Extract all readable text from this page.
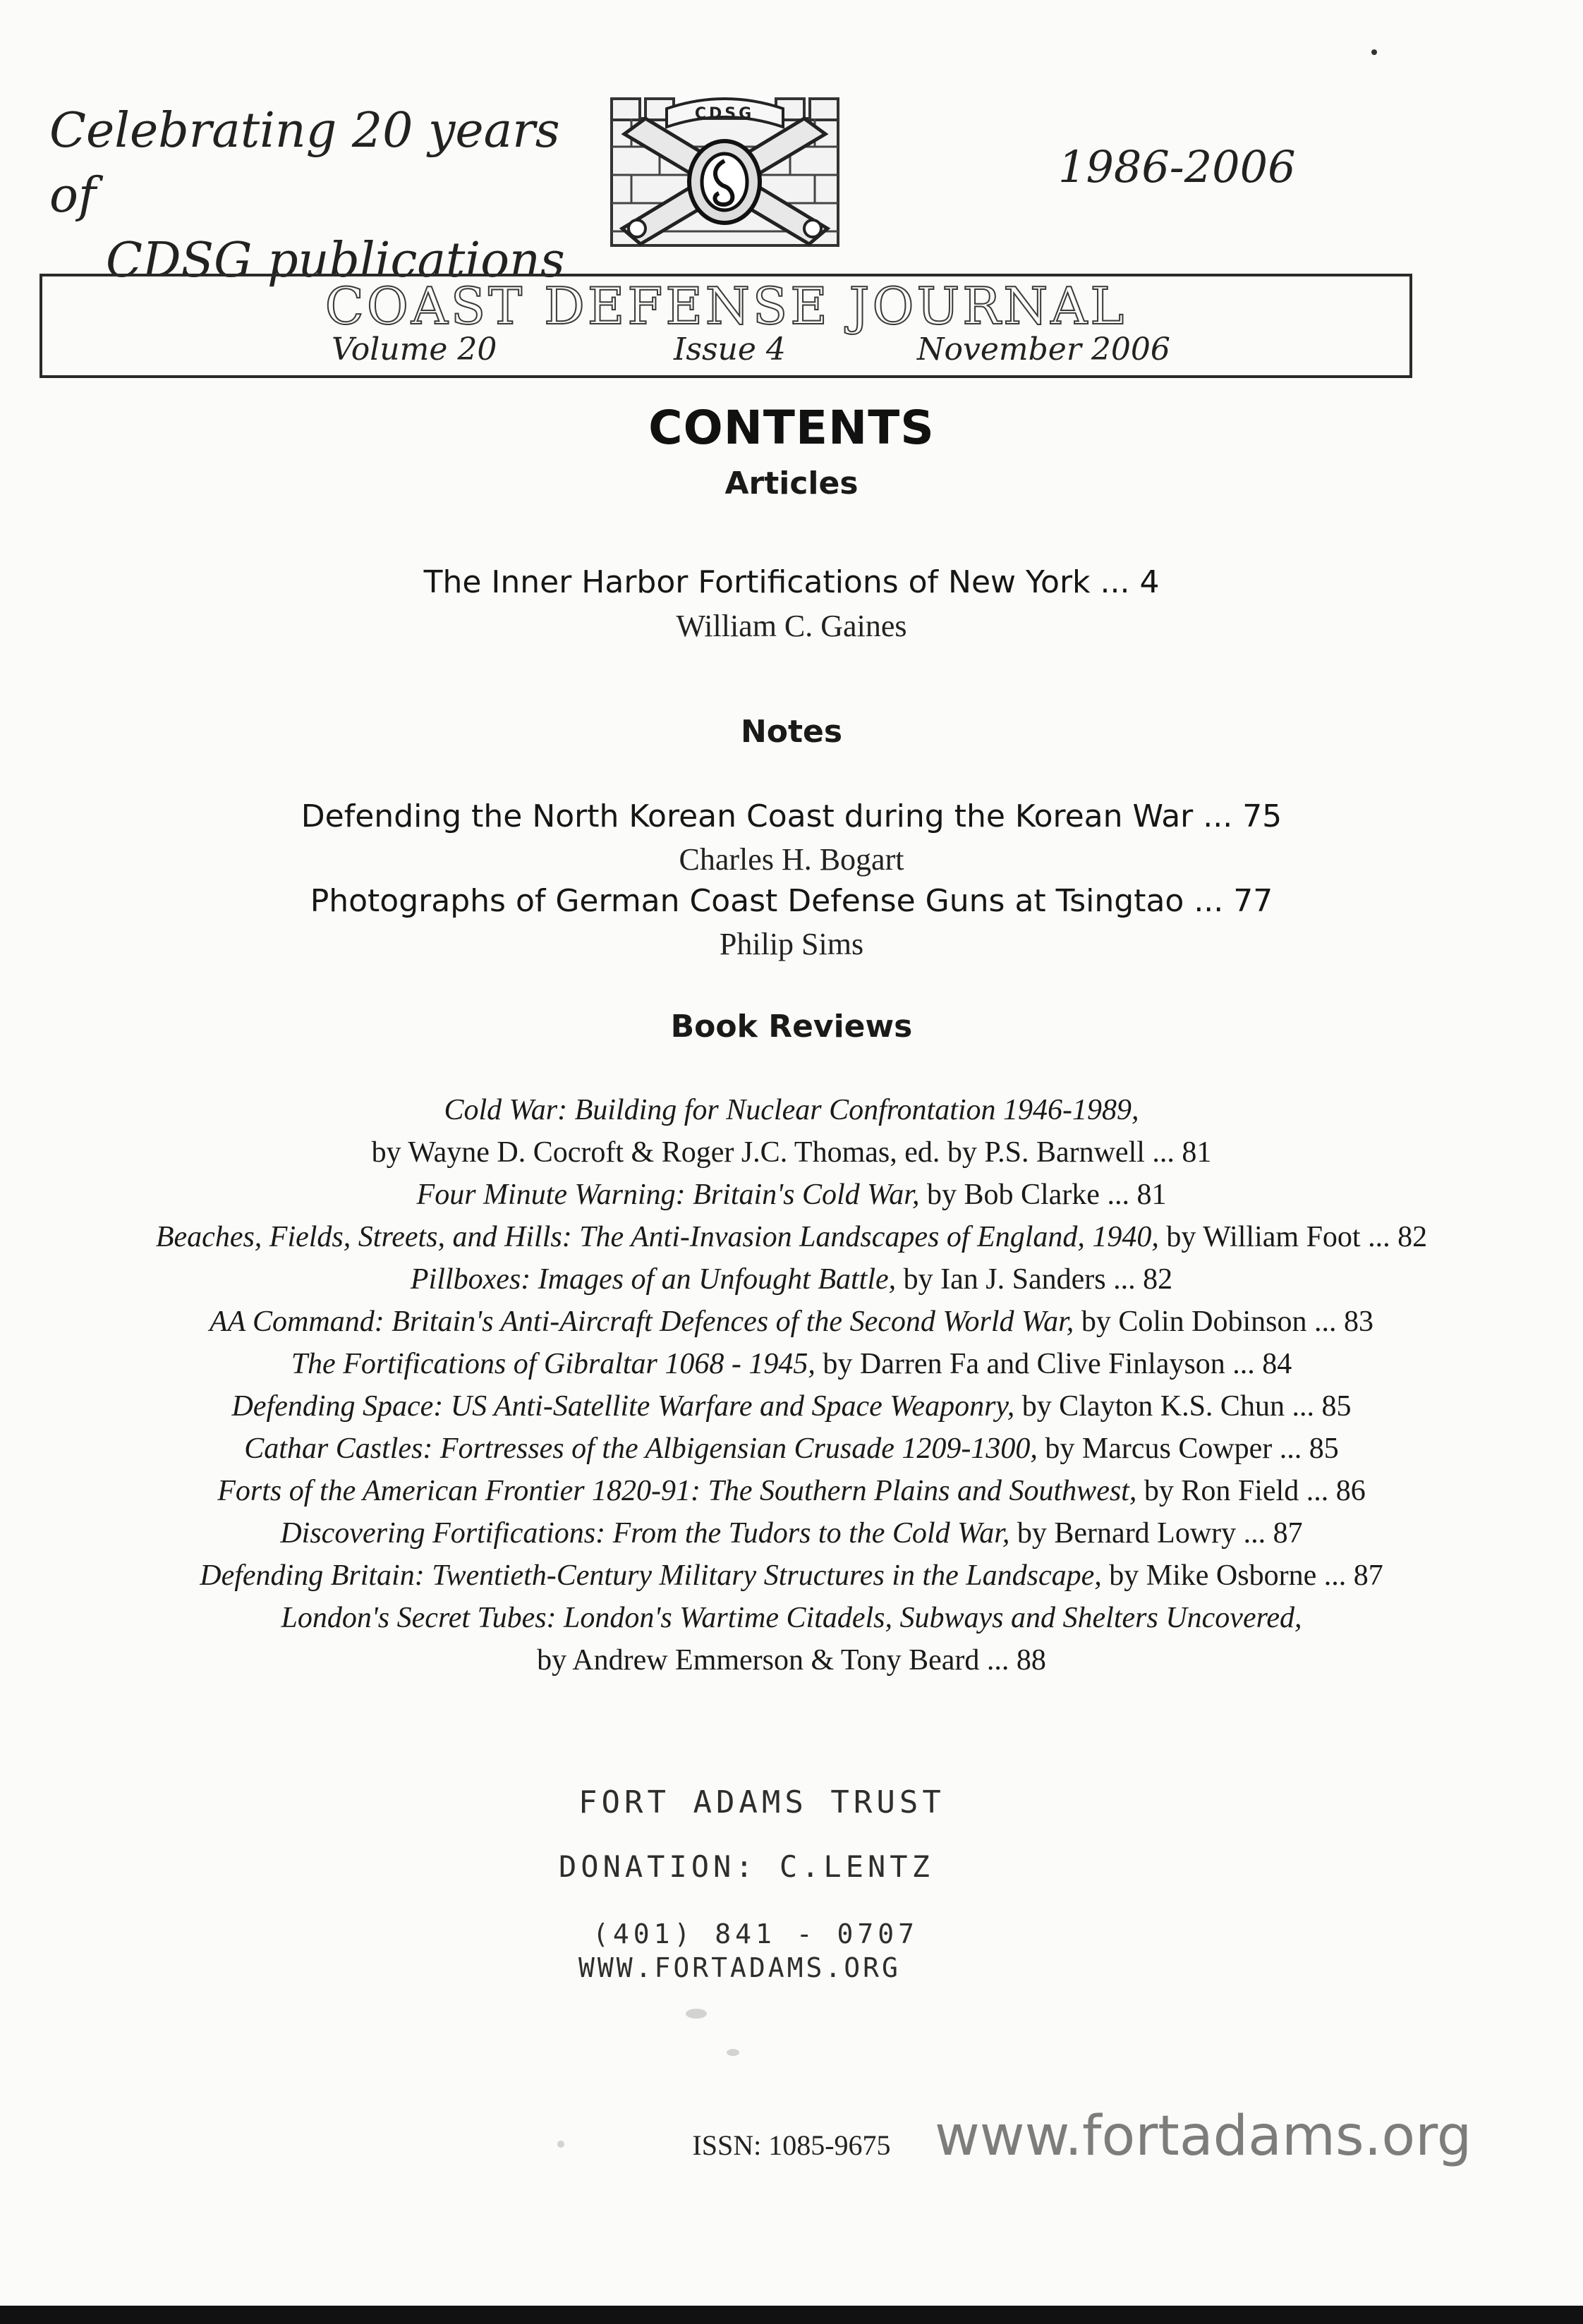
Celebrating 20 years of
CDSG publications
CDSG
1986-2006
COAST DEFENSE JOURNAL
Volume 20	Issue 4	November 2006
CONTENTS
Articles
The Inner Harbor Fortifications of New York ... 4
William C. Gaines
Notes
Defending the North Korean Coast during the Korean War ... 75
Charles H. Bogart
Photographs of German Coast Defense Guns at Tsingtao ... 77
Philip Sims
Book Reviews
Cold War: Building for Nuclear Confrontation 1946-1989,
by Wayne D. Cocroft & Roger J.C. Thomas, ed. by P.S. Barnwell ... 81
Four Minute Warning: Britain's Cold War, by Bob Clarke ... 81
Beaches, Fields, Streets, and Hills: The Anti-Invasion Landscapes of England, 1940, by William Foot ... 82
Pillboxes: Images of an Unfought Battle, by Ian J. Sanders ... 82
AA Command: Britain's Anti-Aircraft Defences of the Second World War, by Colin Dobinson ... 83
The Fortifications of Gibraltar 1068 - 1945, by Darren Fa and Clive Finlayson ... 84
Defending Space: US Anti-Satellite Warfare and Space Weaponry, by Clayton K.S. Chun ... 85
Cathar Castles: Fortresses of the Albigensian Crusade 1209-1300, by Marcus Cowper ... 85
Forts of the American Frontier 1820-91: The Southern Plains and Southwest, by Ron Field ... 86
Discovering Fortifications: From the Tudors to the Cold War, by Bernard Lowry ... 87
Defending Britain: Twentieth-Century Military Structures in the Landscape, by Mike Osborne ... 87
London's Secret Tubes: London's Wartime Citadels, Subways and Shelters Uncovered,
by Andrew Emmerson & Tony Beard ... 88
FORT ADAMS TRUST
DONATION: C.LENTZ
(401) 841 - 0707
WWW.FORTADAMS.ORG
ISSN: 1085-9675 www.fortadams.org
